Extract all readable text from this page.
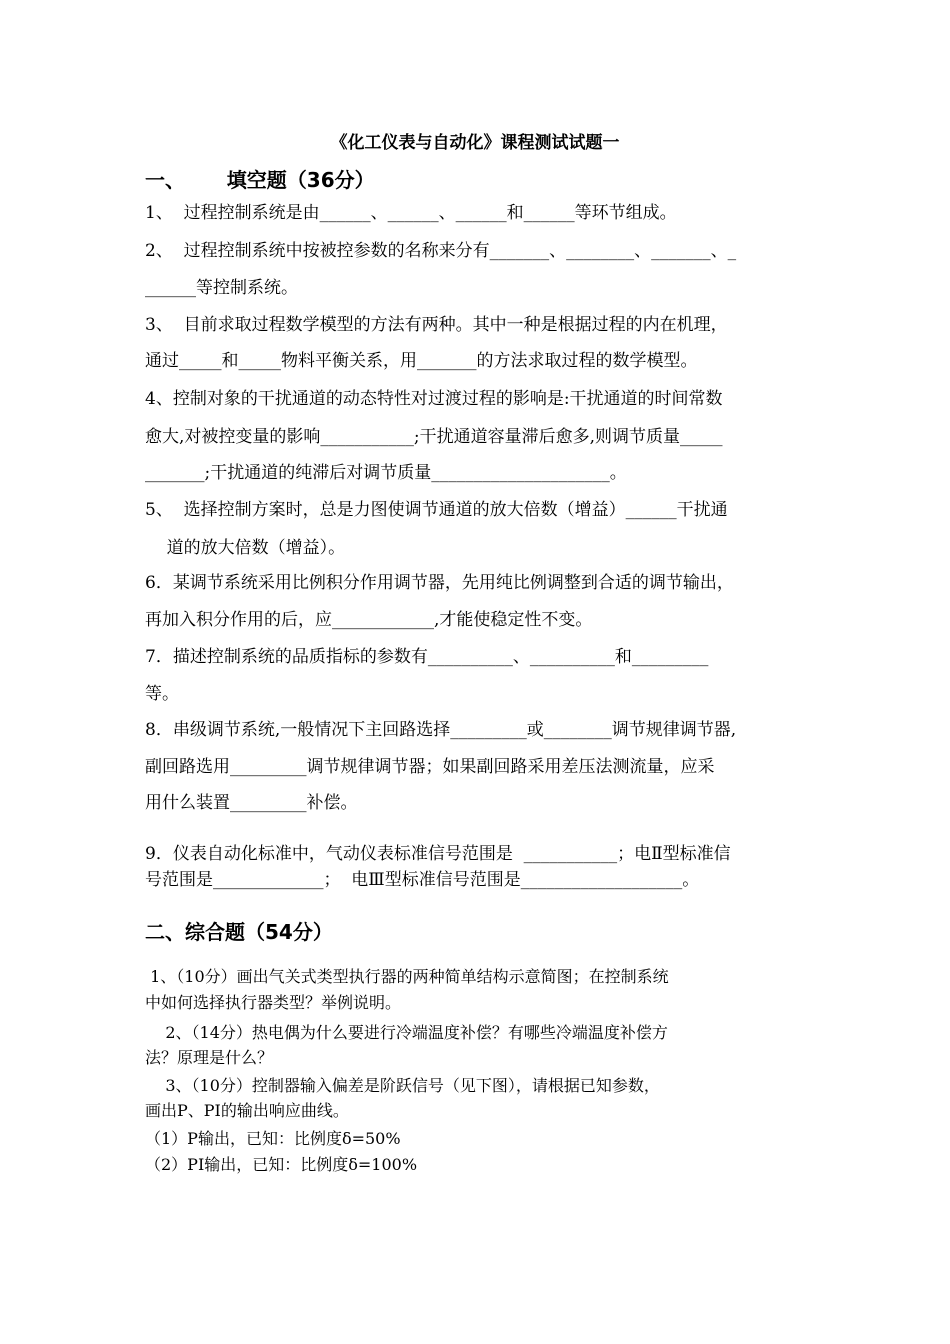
《化工仪表与自动化》课程测试试题一
一、      填空题（36分）
1、  过程控制系统是由______、______、______和______等环节组成。
2、  过程控制系统中按被控参数的名称来分有_______、________、_______、_
______等控制系统。
3、  目前求取过程数学模型的方法有两种。其中一种是根据过程的内在机理，
通过_____和_____物料平衡关系，用_______的方法求取过程的数学模型。
4、控制对象的干扰通道的动态特性对过渡过程的影响是:干扰通道的时间常数
愈大,对被控变量的影响___________;干扰通道容量滞后愈多,则调节质量_____
_______;干扰通道的纯滞后对调节质量_____________________。
5、  选择控制方案时，总是力图使调节通道的放大倍数（增益）______干扰通
道的放大倍数（增益）。
6．某调节系统采用比例积分作用调节器，先用纯比例调整到合适的调节输出，
再加入积分作用的后，应____________,才能使稳定性不变。
7．描述控制系统的品质指标的参数有__________、__________和_________
等。
8．串级调节系统,一般情况下主回路选择_________或________调节规律调节器,
副回路选用_________调节规律调节器；如果副回路采用差压法测流量，应采
用什么装置_________补偿。
9．仪表自动化标准中，气动仪表标准信号范围是  ___________；电Ⅱ型标准信
号范围是_____________；  电Ⅲ型标准信号范围是___________________。
二、综合题（54分）
1、（10分）画出气关式类型执行器的两种简单结构示意简图；在控制系统
中如何选择执行器类型？举例说明。
2、（14分）热电偶为什么要进行冷端温度补偿？有哪些冷端温度补偿方
法？原理是什么？
3、（10分）控制器输入偏差是阶跃信号（见下图），请根据已知参数，
画出P、PI的输出响应曲线。
（1）P输出，已知：比例度δ=50%
（2）PI输出，已知：比例度δ=100%
